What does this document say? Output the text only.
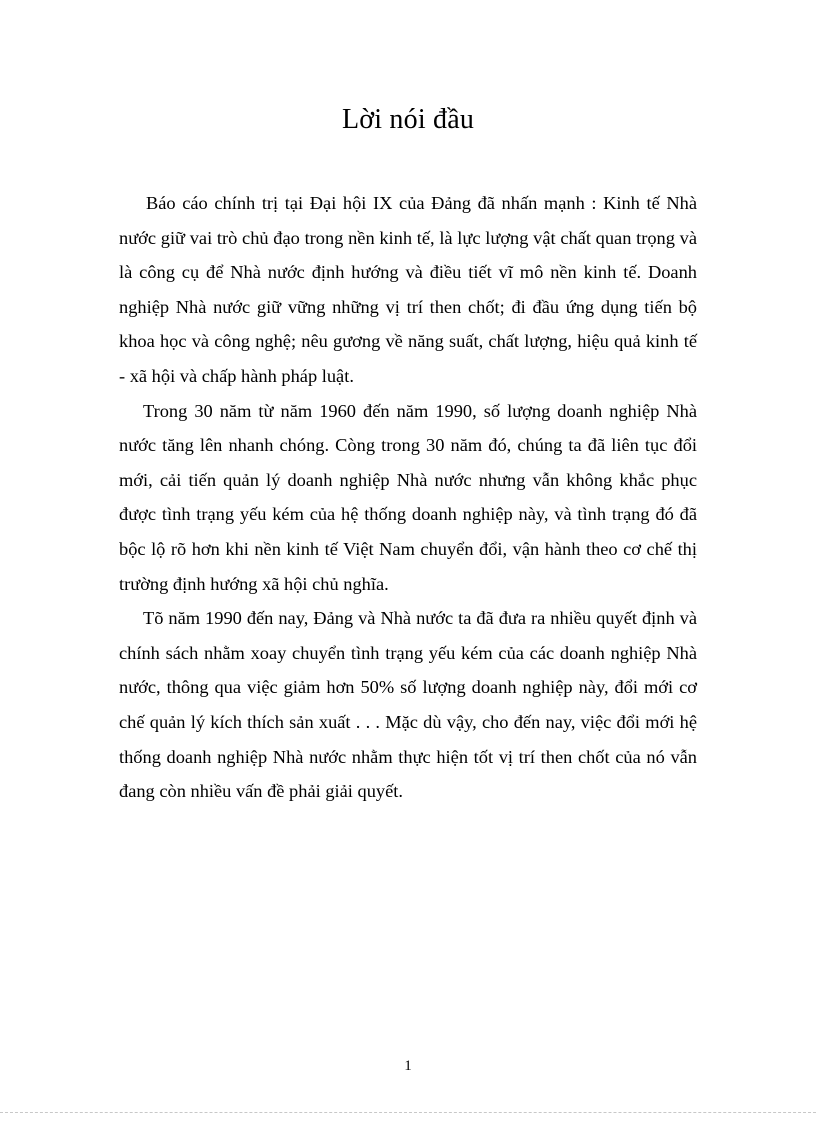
Lời nói đầu

Báo cáo chính trị tại Đại hội IX của Đảng đã nhấn mạnh : Kinh tế Nhà nước giữ vai trò chủ đạo trong nền kinh tế, là lực lượng vật chất quan trọng và là công cụ để Nhà nước định hướng và điều tiết vĩ mô nền kinh tế. Doanh nghiệp Nhà nước giữ vững những vị trí then chốt; đi đầu ứng dụng tiến bộ khoa học và công nghệ; nêu gương về năng suất, chất lượng, hiệu quả kinh tế - xã hội và chấp hành pháp luật.

Trong 30 năm từ năm 1960 đến năm 1990, số lượng doanh nghiệp Nhà nước tăng lên nhanh chóng. Còng trong 30 năm đó, chúng ta đã liên tục đổi mới, cải tiến quản lý doanh nghiệp Nhà nước nhưng vẫn không khắc phục được tình trạng yếu kém của hệ thống doanh nghiệp này, và tình trạng đó đã bộc lộ rõ hơn khi nền kinh tế Việt Nam chuyển đổi, vận hành theo cơ chế thị trường định hướng xã hội chủ nghĩa.

Tõ năm 1990 đến nay, Đảng và Nhà nước ta đã đưa ra nhiều quyết định và chính sách nhằm xoay chuyển tình trạng yếu kém của các doanh nghiệp Nhà nước, thông qua việc giảm hơn 50% số lượng doanh nghiệp này, đổi mới cơ chế quản lý kích thích sản xuất . . . Mặc dù vậy, cho đến nay, việc đổi mới hệ thống doanh nghiệp Nhà nước nhằm thực hiện tốt vị trí then chốt của nó vẫn đang còn nhiều vấn đề phải giải quyết.

1
